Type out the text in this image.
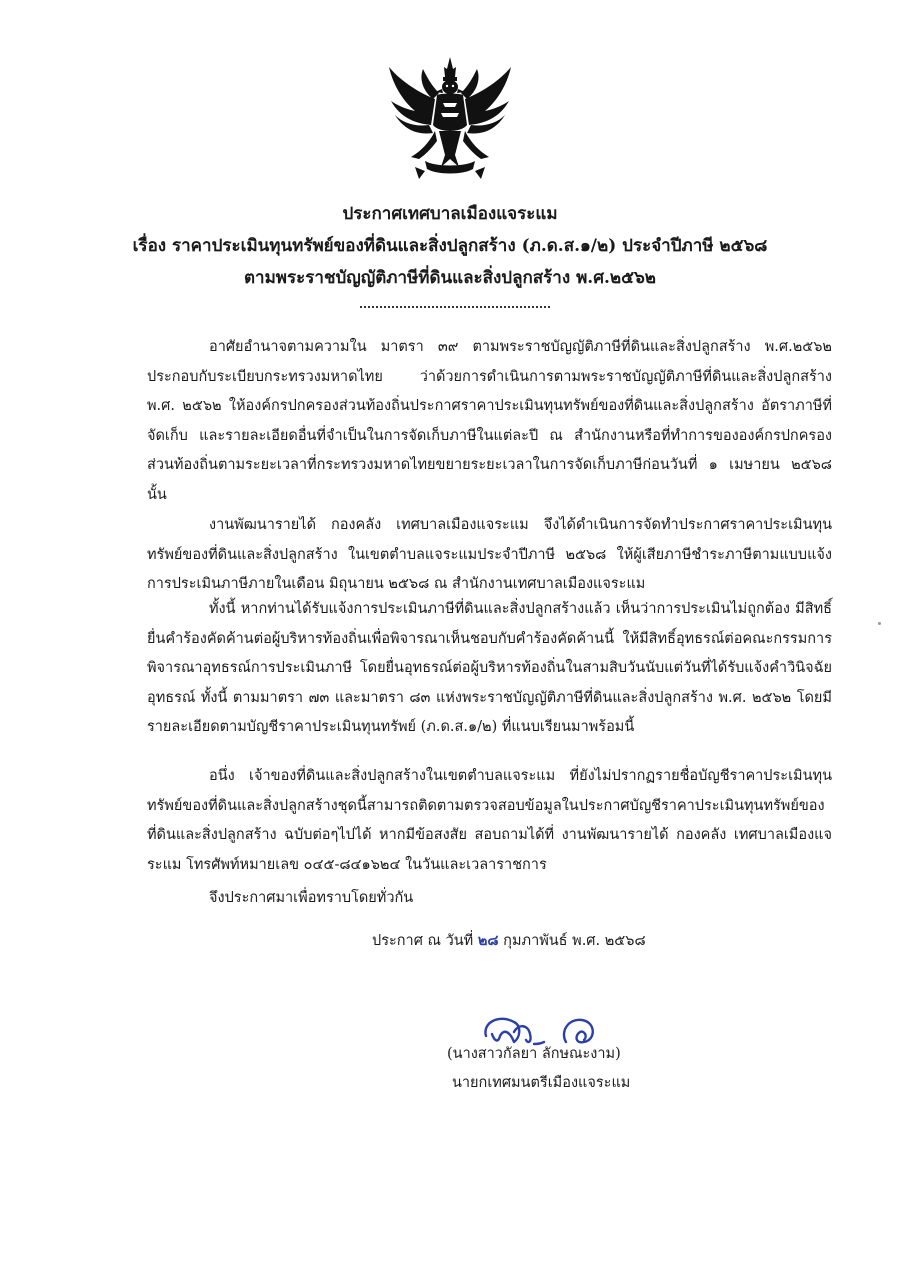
ประกาศเทศบาลเมืองแจระแม
เรื่อง ราคาประเมินทุนทรัพย์ของที่ดินและสิ่งปลูกสร้าง (ภ.ด.ส.๑/๒) ประจำปีภาษี ๒๕๖๘
ตามพระราชบัญญัติภาษีที่ดินและสิ่งปลูกสร้าง พ.ศ.๒๕๖๒

อาศัยอำนาจตามความใน มาตรา ๓๙ ตามพระราชบัญญัติภาษีที่ดินและสิ่งปลูกสร้าง พ.ศ.๒๕๖๒ ประกอบกับระเบียบกระทรวงมหาดไทย ว่าด้วยการดำเนินการตามพระราชบัญญัติภาษีที่ดินและสิ่งปลูกสร้าง พ.ศ. ๒๕๖๒ ให้องค์กรปกครองส่วนท้องถิ่นประกาศราคาประเมินทุนทรัพย์ของที่ดินและสิ่งปลูกสร้าง อัตราภาษีที่จัดเก็บ และรายละเอียดอื่นที่จำเป็นในการจัดเก็บภาษีในแต่ละปี ณ สำนักงานหรือที่ทำการขององค์กรปกครองส่วนท้องถิ่นตามระยะเวลาที่กระทรวงมหาดไทยขยายระยะเวลาในการจัดเก็บภาษีก่อนวันที่ ๑ เมษายน ๒๕๖๘ นั้น

งานพัฒนารายได้ กองคลัง เทศบาลเมืองแจระแม จึงได้ดำเนินการจัดทำประกาศราคาประเมินทุนทรัพย์ของที่ดินและสิ่งปลูกสร้าง ในเขตตำบลแจระแมประจำปีภาษี ๒๕๖๘ ให้ผู้เสียภาษีชำระภาษีตามแบบแจ้งการประเมินภาษีภายในเดือน มิถุนายน ๒๕๖๘ ณ สำนักงานเทศบาลเมืองแจระแม

ทั้งนี้ หากท่านได้รับแจ้งการประเมินภาษีที่ดินและสิ่งปลูกสร้างแล้ว เห็นว่าการประเมินไม่ถูกต้อง มีสิทธิ์ยื่นคำร้องคัดค้านต่อผู้บริหารท้องถิ่นเพื่อพิจารณาเห็นชอบกับคำร้องคัดค้านนี้ ให้มีสิทธิ์อุทธรณ์ต่อคณะกรรมการพิจารณาอุทธรณ์การประเมินภาษี โดยยื่นอุทธรณ์ต่อผู้บริหารท้องถิ่นในสามสิบวันนับแต่วันที่ได้รับแจ้งคำวินิจฉัยอุทธรณ์ ทั้งนี้ ตามมาตรา ๗๓ และมาตรา ๘๓ แห่งพระราชบัญญัติภาษีที่ดินและสิ่งปลูกสร้าง พ.ศ. ๒๕๖๒ โดยมีรายละเอียดตามบัญชีราคาประเมินทุนทรัพย์ (ภ.ด.ส.๑/๒) ที่แนบเรียนมาพร้อมนี้

อนึ่ง เจ้าของที่ดินและสิ่งปลูกสร้างในเขตตำบลแจระแม ที่ยังไม่ปรากฏรายชื่อบัญชีราคาประเมินทุนทรัพย์ของที่ดินและสิ่งปลูกสร้างชุดนี้สามารถติดตามตรวจสอบข้อมูลในประกาศบัญชีราคาประเมินทุนทรัพย์ของที่ดินและสิ่งปลูกสร้าง ฉบับต่อๆไปได้ หากมีข้อสงสัย สอบถามได้ที่ งานพัฒนารายได้ กองคลัง เทศบาลเมืองแจระแม โทรศัพท์หมายเลข ๐๔๕-๘๔๑๖๒๔ ในวันและเวลาราชการ

จึงประกาศมาเพื่อทราบโดยทั่วกัน

ประกาศ ณ วันที่ ๒๘ กุมภาพันธ์ พ.ศ. ๒๕๖๘
(นางสาวกัลยา ลักษณะงาม)
นายกเทศมนตรีเมืองแจระแม
